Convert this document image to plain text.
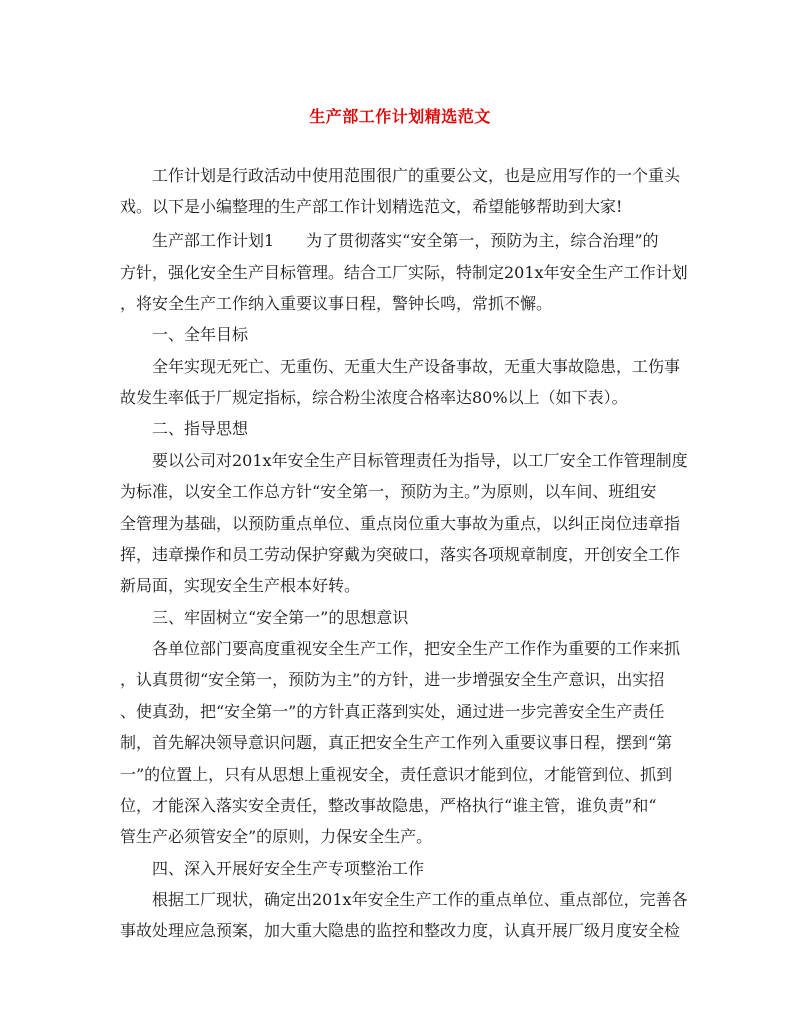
生产部工作计划精选范文
工作计划是行政活动中使用范围很广的重要公文，也是应用写作的一个重头
戏。以下是小编整理的生产部工作计划精选范文，希望能够帮助到大家!
生产部工作计划1　　为了贯彻落实“安全第一，预防为主，综合治理”的
方针，强化安全生产目标管理。结合工厂实际，特制定201x年安全生产工作计划
，将安全生产工作纳入重要议事日程，警钟长鸣，常抓不懈。
一、全年目标
全年实现无死亡、无重伤、无重大生产设备事故，无重大事故隐患，工伤事
故发生率低于厂规定指标，综合粉尘浓度合格率达80%以上（如下表）。
二、指导思想
要以公司对201x年安全生产目标管理责任为指导，以工厂安全工作管理制度
为标准，以安全工作总方针“安全第一，预防为主。”为原则，以车间、班组安
全管理为基础，以预防重点单位、重点岗位重大事故为重点，以纠正岗位违章指
挥，违章操作和员工劳动保护穿戴为突破口，落实各项规章制度，开创安全工作
新局面，实现安全生产根本好转。
三、牢固树立“安全第一”的思想意识
各单位部门要高度重视安全生产工作，把安全生产工作作为重要的工作来抓
，认真贯彻“安全第一，预防为主”的方针，进一步增强安全生产意识，出实招
、使真劲，把“安全第一”的方针真正落到实处，通过进一步完善安全生产责任
制，首先解决领导意识问题，真正把安全生产工作列入重要议事日程，摆到“第
一”的位置上，只有从思想上重视安全，责任意识才能到位，才能管到位、抓到
位，才能深入落实安全责任，整改事故隐患，严格执行“谁主管，谁负责”和“
管生产必须管安全”的原则，力保安全生产。
四、深入开展好安全生产专项整治工作
根据工厂现状，确定出201x年安全生产工作的重点单位、重点部位，完善各
事故处理应急预案，加大重大隐患的监控和整改力度，认真开展厂级月度安全检
